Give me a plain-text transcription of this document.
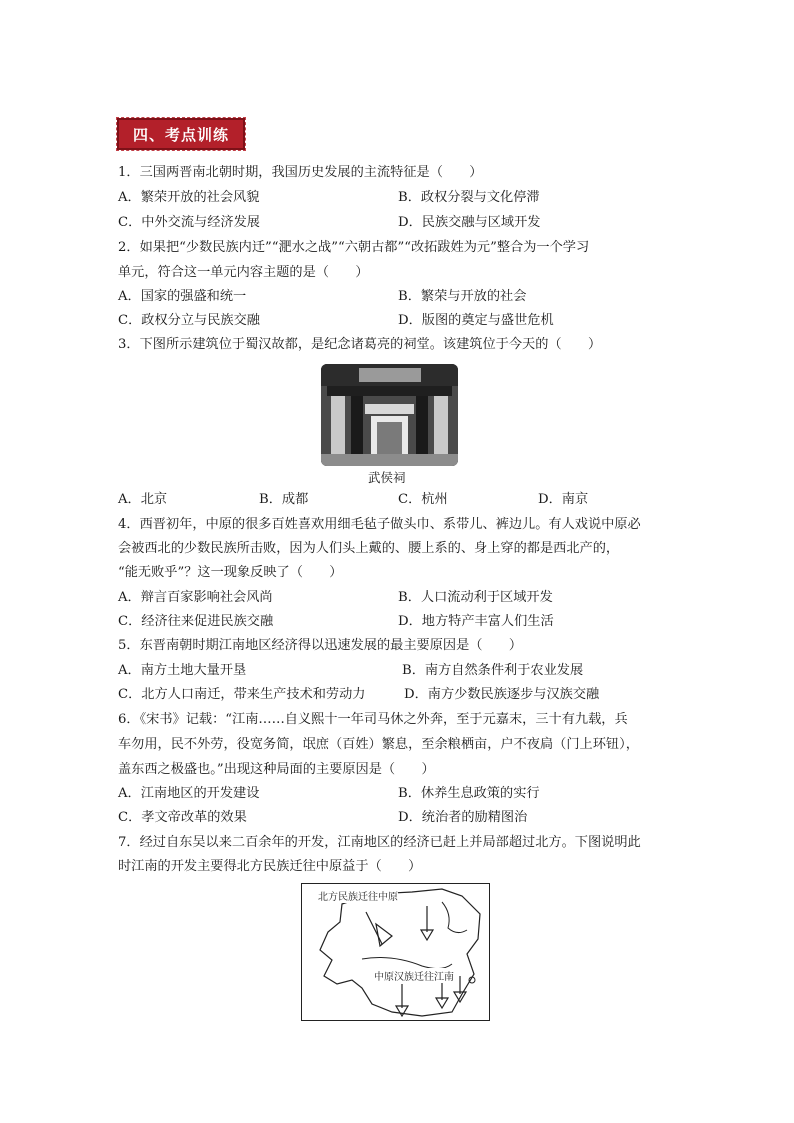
四、考点训练
1．三国两晋南北朝时期，我国历史发展的主流特征是（　　）
A．繁荣开放的社会风貌	B．政权分裂与文化停滞
C．中外交流与经济发展	D．民族交融与区域开发
2．如果把“少数民族内迁”“淝水之战”“六朝古都”“改拓跋姓为元”整合为一个学习
单元，符合这一单元内容主题的是（　　）
A．国家的强盛和统一	B．繁荣与开放的社会
C．政权分立与民族交融	D．版图的奠定与盛世危机
3．下图所示建筑位于蜀汉故都，是纪念诸葛亮的祠堂。该建筑位于今天的（　　）
武侯祠
A．北京	B．成都	C．杭州	D．南京
4．西晋初年，中原的很多百姓喜欢用细毛毡子做头巾、系带儿、裤边儿。有人戏说中原必
会被西北的少数民族所击败，因为人们头上戴的、腰上系的、身上穿的都是西北产的，
“能无败乎”？这一现象反映了（　　）
A．辩言百家影响社会风尚	B．人口流动利于区域开发
C．经济往来促进民族交融	D．地方特产丰富人们生活
5．东晋南朝时期江南地区经济得以迅速发展的最主要原因是（　　）
A．南方土地大量开垦	B．南方自然条件利于农业发展
C．北方人口南迁，带来生产技术和劳动力	D．南方少数民族逐步与汉族交融
6．《宋书》记载：“江南……自义熙十一年司马休之外奔，至于元嘉末，三十有九载，兵
车勿用，民不外劳，役宽务简，氓庶（百姓）繁息，至余粮栖亩，户不夜扃（门上环钮），
盖东西之极盛也。”出现这种局面的主要原因是（　　）
A．江南地区的开发建设	B．休养生息政策的实行
C．孝文帝改革的效果	D．统治者的励精图治
7．经过自东吴以来二百余年的开发，江南地区的经济已赶上并局部超过北方。下图说明此
时江南的开发主要得北方民族迁往中原益于（　　）
北方民族迁往中原
中原汉族迁往江南
